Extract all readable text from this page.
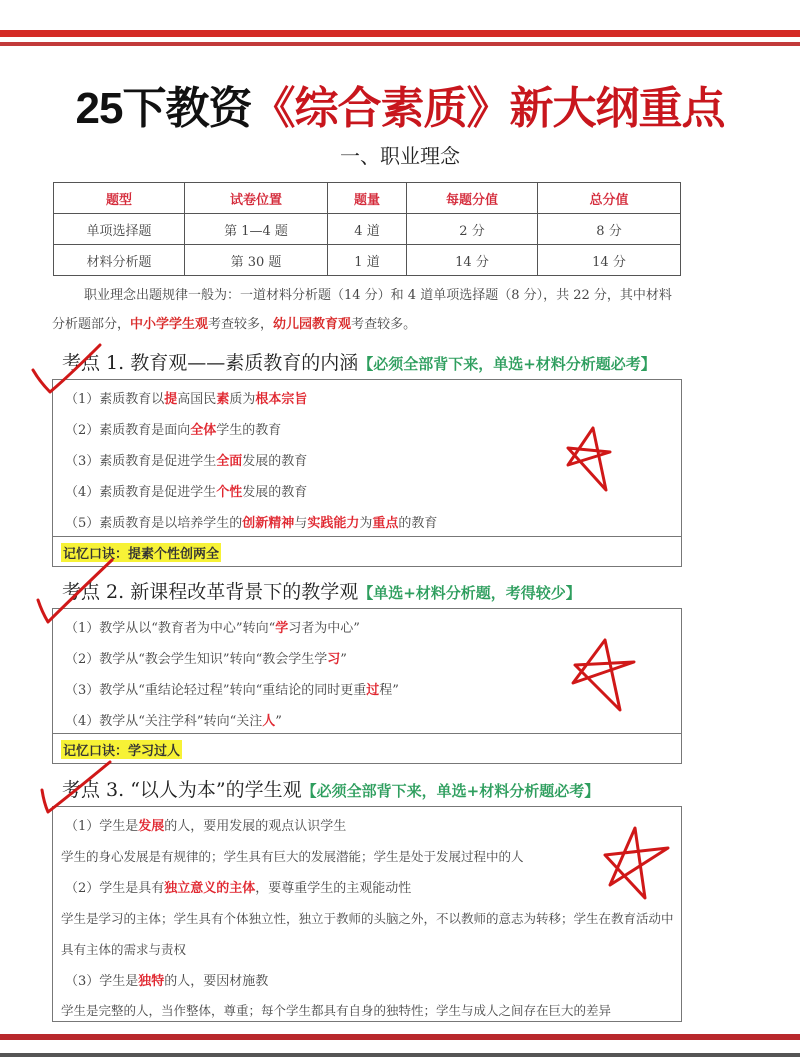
25下教资《综合素质》新大纲重点
一、职业理念
题型	试卷位置	题量	每题分值	总分值
单项选择题	第 1—4 题	4 道	2 分	8 分
材料分析题	第 30 题	1 道	14 分	14 分
职业理念出题规律一般为：一道材料分析题（14 分）和 4 道单项选择题（8 分），共 22 分，其中材料
分析题部分，中小学学生观考查较多，幼儿园教育观考查较多。
考点 1. 教育观——素质教育的内涵【必须全部背下来，单选+材料分析题必考】
（1）素质教育以提高国民素质为根本宗旨
（2）素质教育是面向全体学生的教育
（3）素质教育是促进学生全面发展的教育
（4）素质教育是促进学生个性发展的教育
（5）素质教育是以培养学生的创新精神与实践能力为重点的教育
记忆口诀：提素个性创两全
考点 2. 新课程改革背景下的教学观【单选+材料分析题，考得较少】
（1）教学从以“教育者为中心”转向“学习者为中心”
（2）教学从“教会学生知识”转向“教会学生学习”
（3）教学从“重结论轻过程”转向“重结论的同时更重过程”
（4）教学从“关注学科”转向“关注人”
记忆口诀：学习过人
考点 3. “以人为本”的学生观【必须全部背下来，单选+材料分析题必考】
（1）学生是发展的人，要用发展的观点认识学生
学生的身心发展是有规律的；学生具有巨大的发展潜能；学生是处于发展过程中的人
（2）学生是具有独立意义的主体，要尊重学生的主观能动性
学生是学习的主体；学生具有个体独立性，独立于教师的头脑之外，不以教师的意志为转移；学生在教育活动中
具有主体的需求与责权
（3）学生是独特的人，要因材施教
学生是完整的人，当作整体，尊重；每个学生都具有自身的独特性；学生与成人之间存在巨大的差异
